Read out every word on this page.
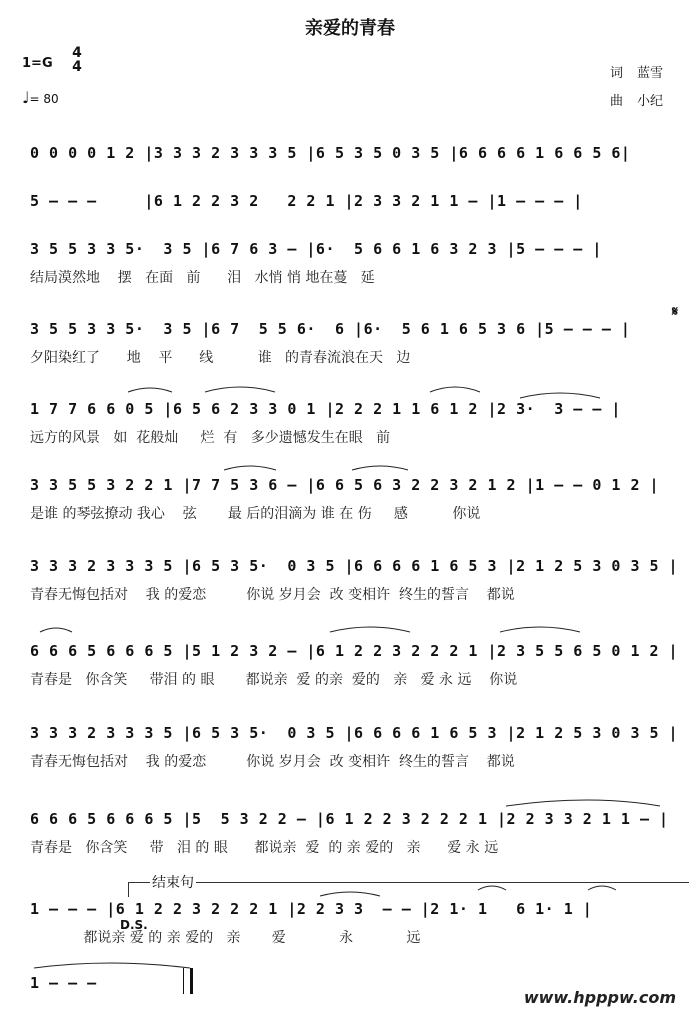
亲爱的青春
1=G
4
4
♩= 80
词 蓝雪
曲 小纪
𝄋
0 0 0 0 1 2 |3 3 3 2 3 3 3 5 |6 5 3 5 0 3 5 |6 6 6 6 1 6 6 5 6|
5 — — —     |6 1 2 2 3 2   2 2 1 |2 3 3 2 1 1 — |1 — — — |
3 5 5 3 3 5·  3 5 |6 7 6 3 — |6·  5 6 6 1 6 3 2 3 |5 — — — |
结局漠然地    摆   在面   前      泪   水悄 悄 地在蔓   延
3 5 5 3 3 5·  3 5 |6 7  5 5 6·  6 |6·  5 6 1 6 5 3 6 |5 — — — |
夕阳染红了      地    平      线          谁   的青春流浪在天   边
1 7 7 6 6 0 5 |6 5 6 2 3 3 0 1 |2 2 2 1 1 6 1 2 |2 3·  3 — — |
远方的风景   如  花般灿     烂  有   多少遗憾发生在眼   前
3 3 5 5 3 2 2 1 |7 7 5 3 6 — |6 6 5 6 3 2 2 3 2 1 2 |1 — — 0 1 2 |
是谁 的琴弦撩动 我心    弦       最 后的泪滴为 谁 在 伤     感          你说
3 3 3 2 3 3 3 5 |6 5 3 5·  0 3 5 |6 6 6 6 1 6 5 3 |2 1 2 5 3 0 3 5 |
青春无悔包括对    我 的爱恋         你说 岁月会  改 变相许  终生的誓言    都说
6 6 6 5 6 6 6 5 |5 1 2 3 2 — |6 1 2 2 3 2 2 2 1 |2 3 5 5 6 5 0 1 2 |
青春是   你含笑     带泪 的 眼       都说亲  爱 的亲  爱的   亲   爱 永 远    你说
3 3 3 2 3 3 3 5 |6 5 3 5·  0 3 5 |6 6 6 6 1 6 5 3 |2 1 2 5 3 0 3 5 |
青春无悔包括对    我 的爱恋         你说 岁月会  改 变相许  终生的誓言    都说
6 6 6 5 6 6 6 5 |5  5 3 2 2 — |6 1 2 2 3 2 2 2 1 |2 2 3 3 2 1 1 — |
青春是   你含笑     带   泪 的 眼      都说亲  爱  的 亲 爱的   亲      爱 永 远
结束句
1 — — — |6 1 2 2 3 2 2 2 1 |2 2 3 3  — — |2 1· 1   6 1· 1 |
都说亲 爱 的 亲 爱的   亲       爱            永            远
D.S.
1 — — —
www.hpppw.com
